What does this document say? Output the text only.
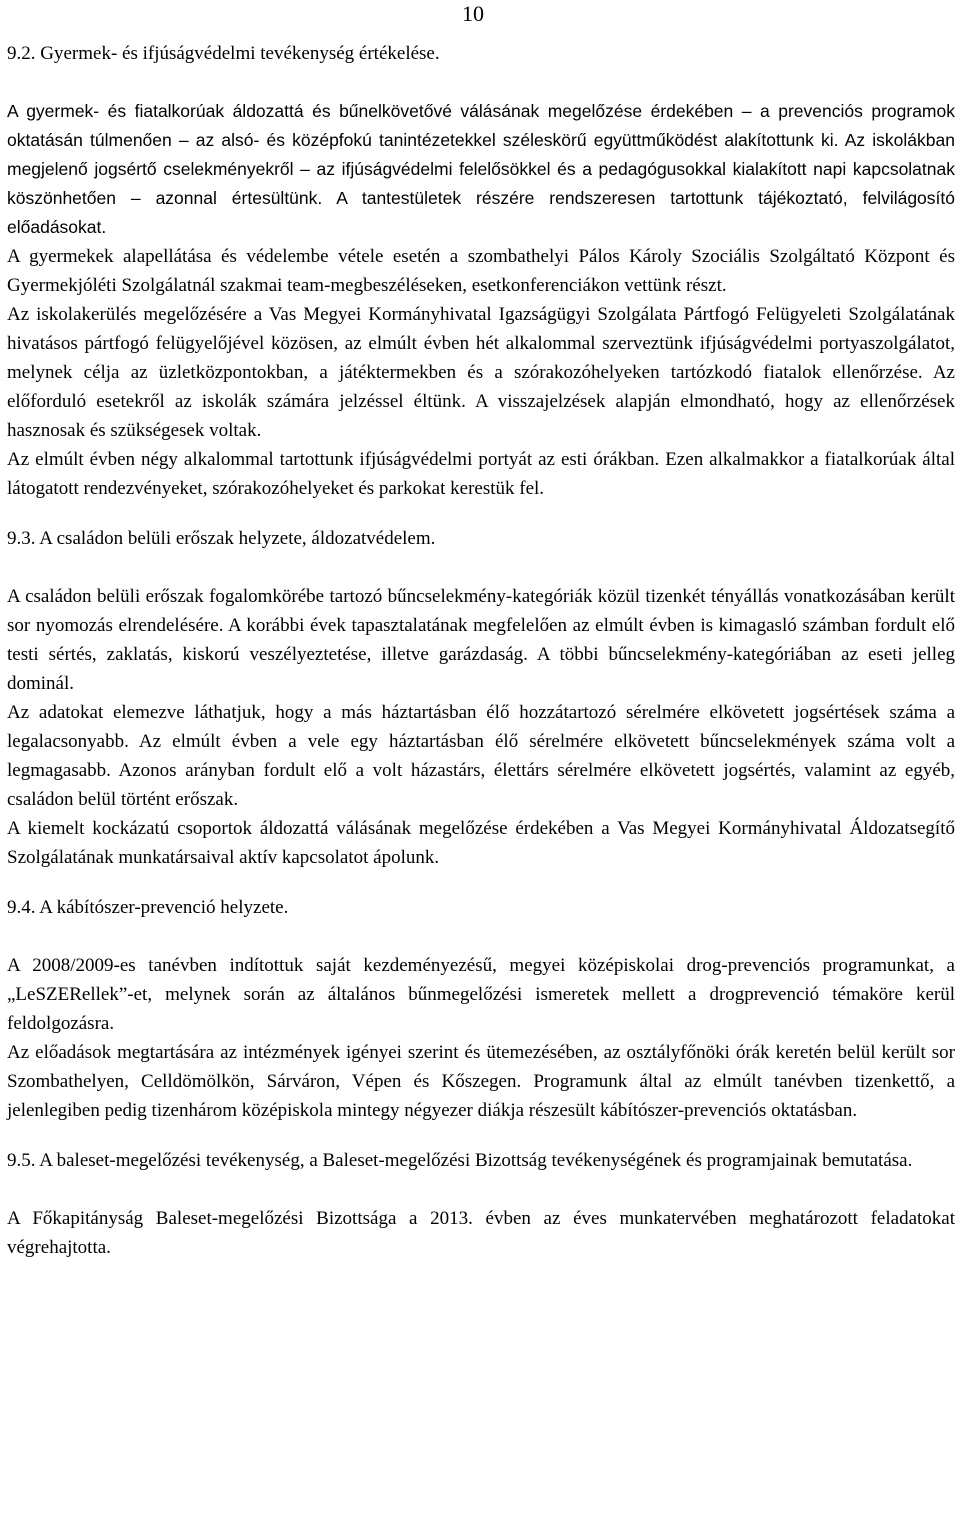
10
9.2. Gyermek- és ifjúságvédelmi tevékenység értékelése.

A gyermek- és fiatalkorúak áldozattá és bűnelkövetővé válásának megelőzése érdekében – a prevenciós programok oktatásán túlmenően – az alsó- és középfokú tanintézetekkel széleskörű együttműködést alakítottunk ki. Az iskolákban megjelenő jogsértő cselekményekről – az ifjúságvédelmi felelősökkel és a pedagógusokkal kialakított napi kapcsolatnak köszönhetően – azonnal értesültünk. A tantestületek részére rendszeresen tartottunk tájékoztató, felvilágosító előadásokat.

A gyermekek alapellátása és védelembe vétele esetén a szombathelyi Pálos Károly Szociális Szolgáltató Központ és Gyermekjóléti Szolgálatnál szakmai team-megbeszéléseken, esetkonferenciákon vettünk részt.

Az iskolakerülés megelőzésére a Vas Megyei Kormányhivatal Igazságügyi Szolgálata Pártfogó Felügyeleti Szolgálatának hivatásos pártfogó felügyelőjével közösen, az elmúlt évben hét alkalommal szerveztünk ifjúságvédelmi portyaszolgálatot, melynek célja az üzletközpontokban, a játéktermekben és a szórakozóhelyeken tartózkodó fiatalok ellenőrzése. Az előforduló esetekről az iskolák számára jelzéssel éltünk. A visszajelzések alapján elmondható, hogy az ellenőrzések hasznosak és szükségesek voltak.

Az elmúlt évben négy alkalommal tartottunk ifjúságvédelmi portyát az esti órákban. Ezen alkalmakkor a fiatalkorúak által látogatott rendezvényeket, szórakozóhelyeket és parkokat kerestük fel.

9.3. A családon belüli erőszak helyzete, áldozatvédelem.

A családon belüli erőszak fogalomkörébe tartozó bűncselekmény-kategóriák közül tizenkét tényállás vonatkozásában került sor nyomozás elrendelésére. A korábbi évek tapasztalatának megfelelően az elmúlt évben is kimagasló számban fordult elő testi sértés, zaklatás, kiskorú veszélyeztetése, illetve garázdaság. A többi bűncselekmény-kategóriában az eseti jelleg dominál.

Az adatokat elemezve láthatjuk, hogy a más háztartásban élő hozzátartozó sérelmére elkövetett jogsértések száma a legalacsonyabb. Az elmúlt évben a vele egy háztartásban élő sérelmére elkövetett bűncselekmények száma volt a legmagasabb. Azonos arányban fordult elő a volt házastárs, élettárs sérelmére elkövetett jogsértés, valamint az egyéb, családon belül történt erőszak.

A kiemelt kockázatú csoportok áldozattá válásának megelőzése érdekében a Vas Megyei Kormányhivatal Áldozatsegítő Szolgálatának munkatársaival aktív kapcsolatot ápolunk.

9.4. A kábítószer-prevenció helyzete.

A 2008/2009-es tanévben indítottuk saját kezdeményezésű, megyei középiskolai drog-prevenciós programunkat, a „LeSZERellek”-et, melynek során az általános bűnmegelőzési ismeretek mellett a drogprevenció témaköre kerül feldolgozásra.

Az előadások megtartására az intézmények igényei szerint és ütemezésében, az osztályfőnöki órák keretén belül került sor Szombathelyen, Celldömölkön, Sárváron, Vépen és Kőszegen. Programunk által az elmúlt tanévben tizenkettő, a jelenlegiben pedig tizenhárom középiskola mintegy négyezer diákja részesült kábítószer-prevenciós oktatásban.

9.5. A baleset-megelőzési tevékenység, a Baleset-megelőzési Bizottság tevékenységének és programjainak bemutatása.

A Főkapitányság Baleset-megelőzési Bizottsága a 2013. évben az éves munkatervében meghatározott feladatokat végrehajtotta.
